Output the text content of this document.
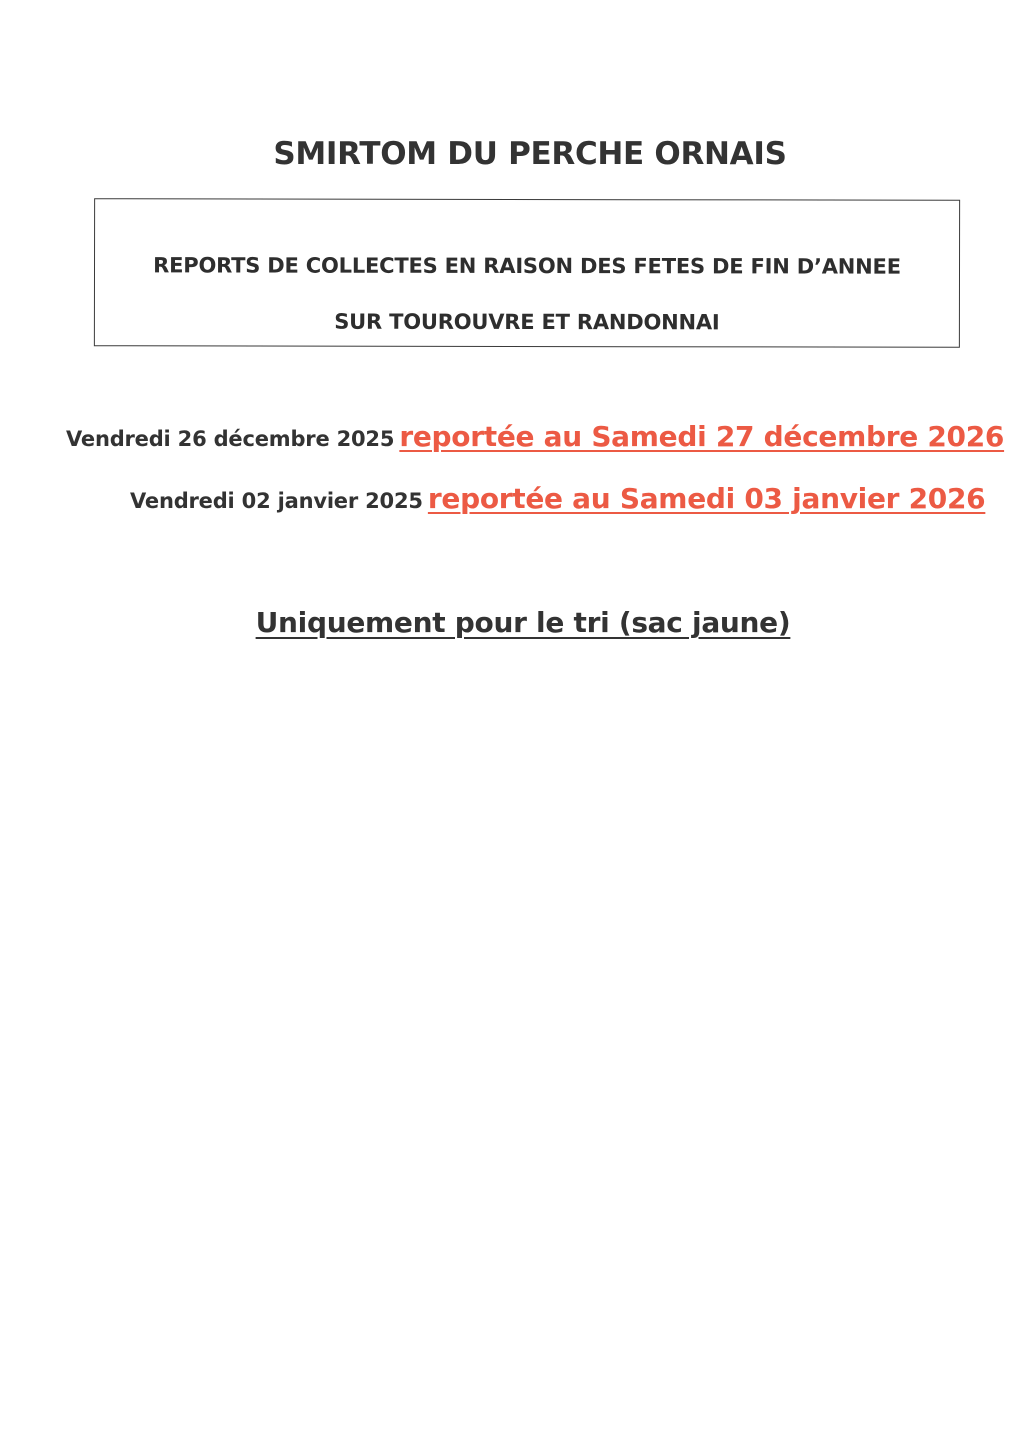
SMIRTOM DU PERCHE ORNAIS
REPORTS DE COLLECTES EN RAISON DES FETES DE FIN D’ANNEE
SUR TOUROUVRE ET RANDONNAI
Vendredi 26 décembre 2025 reportée au Samedi 27 décembre 2026
Vendredi 02 janvier 2025 reportée au Samedi 03 janvier 2026
Uniquement pour le tri (sac jaune)
